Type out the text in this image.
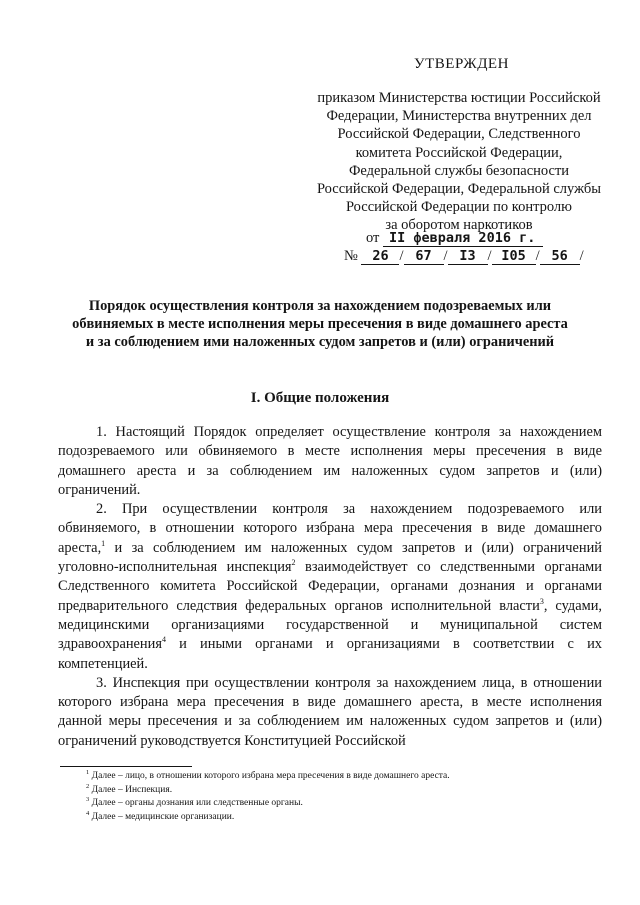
УТВЕРЖДЕН
приказом Министерства юстиции Российской
Федерации, Министерства внутренних дел
Российской Федерации, Следственного
комитета Российской Федерации,
Федеральной службы безопасности
Российской Федерации, Федеральной службы
Российской Федерации по контролю
за оборотом наркотиков
от II февраля 2016 г.
№ 26 / 67 / I3 / I05 / 56 /
Порядок осуществления контроля за нахождением подозреваемых или обвиняемых в месте исполнения меры пресечения в виде домашнего ареста и за соблюдением ими наложенных судом запретов и (или) ограничений
I. Общие положения

1. Настоящий Порядок определяет осуществление контроля за нахождением подозреваемого или обвиняемого в месте исполнения меры пресечения в виде домашнего ареста и за соблюдением им наложенных судом запретов и (или) ограничений.

2. При осуществлении контроля за нахождением подозреваемого или обвиняемого, в отношении которого избрана мера пресечения в виде домашнего ареста,$^1$ и за соблюдением им наложенных судом запретов и (или) ограничений уголовно-исполнительная инспекция$^2$ взаимодействует со следственными органами Следственного комитета Российской Федерации, органами дознания и органами предварительного следствия федеральных органов исполнительной власти$^3$, судами, медицинскими организациями государственной и муниципальной систем здравоохранения$^4$ и иными органами и организациями в соответствии с их компетенцией.

3. Инспекция при осуществлении контроля за нахождением лица, в отношении которого избрана мера пресечения в виде домашнего ареста, в месте исполнения данной меры пресечения и за соблюдением им наложенных судом запретов и (или) ограничений руководствуется Конституцией Российской

$^1$ Далее – лицо, в отношении которого избрана мера пресечения в виде домашнего ареста.
$^2$ Далее – Инспекция.
$^3$ Далее – органы дознания или следственные органы.
$^4$ Далее – медицинские организации.
